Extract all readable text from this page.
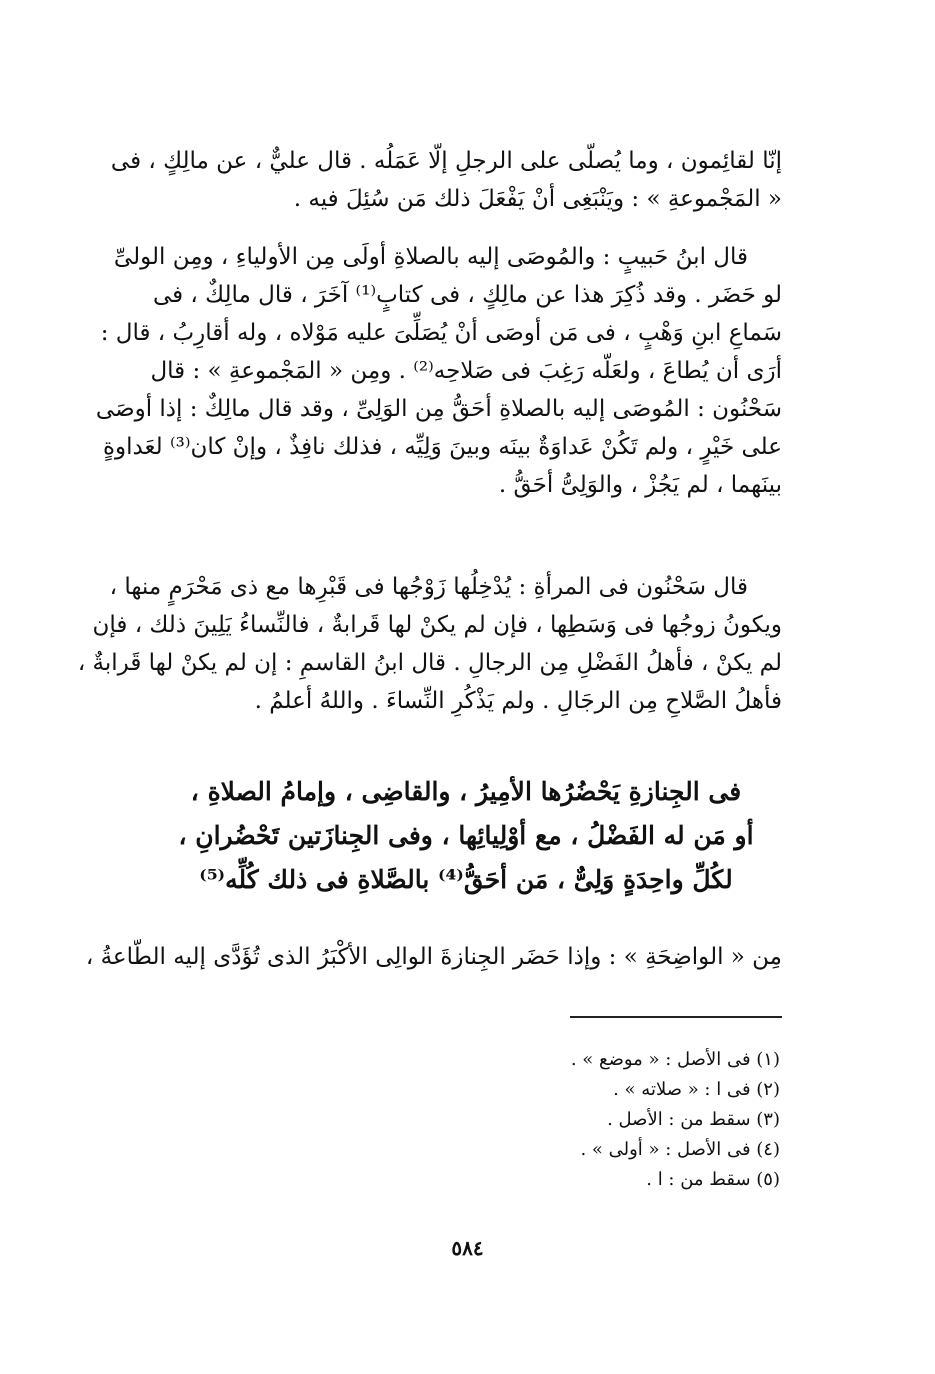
إنّا لقائِمون ، وما يُصلّى على الرجلِ إلّا عَمَلُه . قال عليٌّ ، عن مالِكٍ ، فى
« المَجْموعةِ » : ويَنْبَغِى أنْ يَفْعَلَ ذلك مَن سُئِلَ فيه .
قال ابنُ حَبيبٍ : والمُوصَى إليه بالصلاةِ أولَى مِن الأولياءِ ، ومِن الولىِّ
لو حَضَر . وقد ذُكِرَ هذا عن مالِكٍ ، فى كتابٍ⁽¹⁾ آخَرَ ، قال مالِكٌ ، فى
سَماعِ ابنِ وَهْبٍ ، فى مَن أوصَى أنْ يُصَلِّىَ عليه مَوْلاه ، وله أقارِبُ ، قال :
أرَى أن يُطاعَ ، ولعَلّه رَغِبَ فى صَلاحِه⁽²⁾ . ومِن « المَجْموعةِ » : قال
سَحْنُون : المُوصَى إليه بالصلاةِ أحَقُّ مِن الوَلِىِّ ، وقد قال مالِكٌ : إذا أوصَى
على خَيْرٍ ، ولم تَكُنْ عَداوَةٌ بينَه وبينَ وَلِيِّه ، فذلك نافِذٌ ، وإنْ كان⁽³⁾ لعَداوةٍ
بينَهما ، لم يَجُزْ ، والوَلِىُّ أحَقُّ .
قال سَحْنُون فى المرأةِ : يُدْخِلُها زَوْجُها فى قَبْرِها مع ذى مَحْرَمٍ منها ،
ويكونُ زوجُها فى وَسَطِها ، فإن لم يكنْ لها قَرابةٌ ، فالنِّساءُ يَلِينَ ذلك ، فإن
لم يكنْ ، فأهلُ الفَضْلِ مِن الرجالِ . قال ابنُ القاسمِ : إن لم يكنْ لها قَرابةٌ ،
فأهلُ الصَّلاحِ مِن الرجَالِ . ولم يَذْكُرِ النِّساءَ . واللهُ أعلمُ .
فى الجِنازةِ يَحْضُرُها الأمِيرُ ، والقاضِى ، وإمامُ الصلاةِ ،
أو مَن له الفَضْلُ ، مع أوْلِيائِها ، وفى الجِنازَتين تَحْضُرانِ ،
لكُلِّ واحِدَةٍ وَلِىٌّ ، مَن أحَقُّ⁽⁴⁾ بالصَّلاةِ فى ذلك كُلِّه⁽⁵⁾
مِن « الواضِحَةِ » : وإذا حَضَر الجِنازةَ الوالِى الأكْبَرُ الذى تُؤَدَّى إليه الطّاعةُ ،
(١) فى الأصل : « موضع » .
(٢) فى ا : « صلاته » .
(٣) سقط من : الأصل .
(٤) فى الأصل : « أولى » .
(٥) سقط من : ا .
٥٨٤
